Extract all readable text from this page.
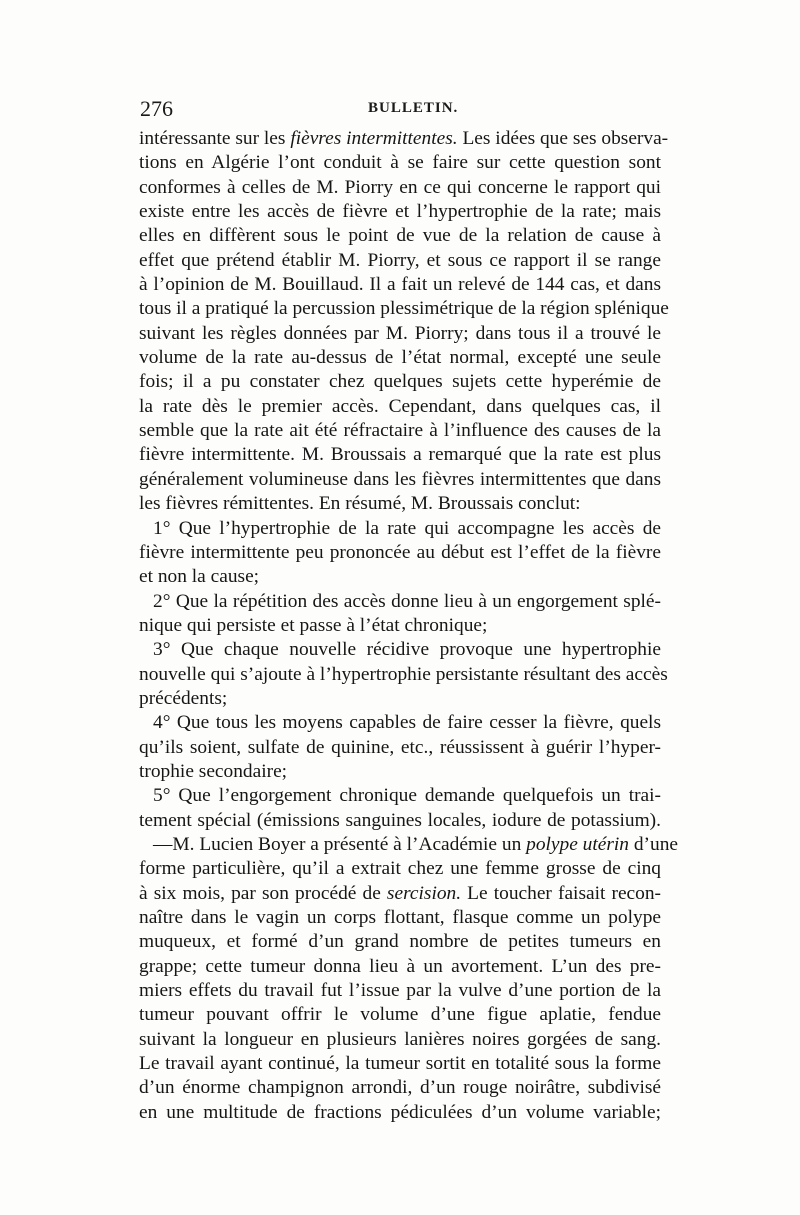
276	BULLETIN.
intéressante sur les fièvres intermittentes. Les idées que ses observa-
tions en Algérie l’ont conduit à se faire sur cette question sont
conformes à celles de M. Piorry en ce qui concerne le rapport qui
existe entre les accès de fièvre et l’hypertrophie de la rate; mais
elles en diffèrent sous le point de vue de la relation de cause à
effet que prétend établir M. Piorry, et sous ce rapport il se range
à l’opinion de M. Bouillaud. Il a fait un relevé de 144 cas, et dans
tous il a pratiqué la percussion plessimétrique de la région splénique
suivant les règles données par M. Piorry; dans tous il a trouvé le
volume de la rate au-dessus de l’état normal, excepté une seule
fois; il a pu constater chez quelques sujets cette hyperémie de
la rate dès le premier accès. Cependant, dans quelques cas, il
semble que la rate ait été réfractaire à l’influence des causes de la
fièvre intermittente. M. Broussais a remarqué que la rate est plus
généralement volumineuse dans les fièvres intermittentes que dans
les fièvres rémittentes. En résumé, M. Broussais conclut:
1° Que l’hypertrophie de la rate qui accompagne les accès de
fièvre intermittente peu prononcée au début est l’effet de la fièvre
et non la cause;
2° Que la répétition des accès donne lieu à un engorgement splé-
nique qui persiste et passe à l’état chronique;
3° Que chaque nouvelle récidive provoque une hypertrophie
nouvelle qui s’ajoute à l’hypertrophie persistante résultant des accès
précédents;
4° Que tous les moyens capables de faire cesser la fièvre, quels
qu’ils soient, sulfate de quinine, etc., réussissent à guérir l’hyper-
trophie secondaire;
5° Que l’engorgement chronique demande quelquefois un trai-
tement spécial (émissions sanguines locales, iodure de potassium).
—M. Lucien Boyer a présenté à l’Académie un polype utérin d’une
forme particulière, qu’il a extrait chez une femme grosse de cinq
à six mois, par son procédé de sercision. Le toucher faisait recon-
naître dans le vagin un corps flottant, flasque comme un polype
muqueux, et formé d’un grand nombre de petites tumeurs en
grappe; cette tumeur donna lieu à un avortement. L’un des pre-
miers effets du travail fut l’issue par la vulve d’une portion de la
tumeur pouvant offrir le volume d’une figue aplatie, fendue
suivant la longueur en plusieurs lanières noires gorgées de sang.
Le travail ayant continué, la tumeur sortit en totalité sous la forme
d’un énorme champignon arrondi, d’un rouge noirâtre, subdivisé
en une multitude de fractions pédiculées d’un volume variable;
